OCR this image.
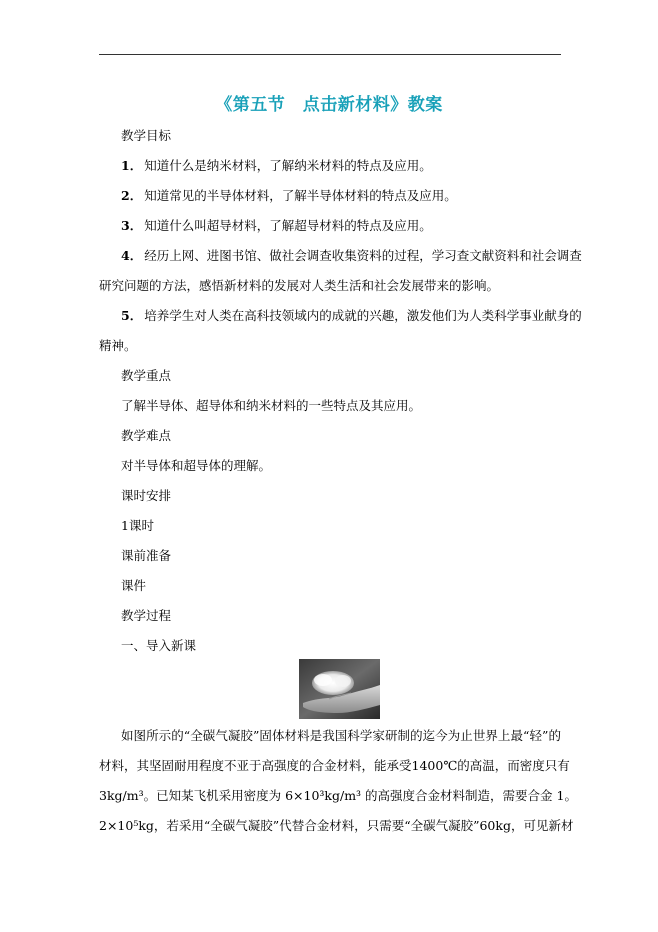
《第五节　点击新材料》教案
教学目标
1． 知道什么是纳米材料，了解纳米材料的特点及应用。
2． 知道常见的半导体材料，了解半导体材料的特点及应用。
3． 知道什么叫超导材料，了解超导材料的特点及应用。
4． 经历上网、进图书馆、做社会调查收集资料的过程，学习查文献资料和社会调查
研究问题的方法，感悟新材料的发展对人类生活和社会发展带来的影响。
5． 培养学生对人类在高科技领域内的成就的兴趣，激发他们为人类科学事业献身的
精神。
教学重点
了解半导体、超导体和纳米材料的一些特点及其应用。
教学难点
对半导体和超导体的理解。
课时安排
1课时
课前准备
课件
教学过程
一、导入新课
如图所示的“全碳气凝胶”固体材料是我国科学家研制的迄今为止世界上最“轻”的
材料，其坚固耐用程度不亚于高强度的合金材料，能承受1400℃的高温，而密度只有
3kg/m³。已知某飞机采用密度为 6×10³kg/m³ 的高强度合金材料制造，需要合金 1。
2×10⁵kg，若采用“全碳气凝胶”代替合金材料，只需要“全碳气凝胶”60kg，可见新材
